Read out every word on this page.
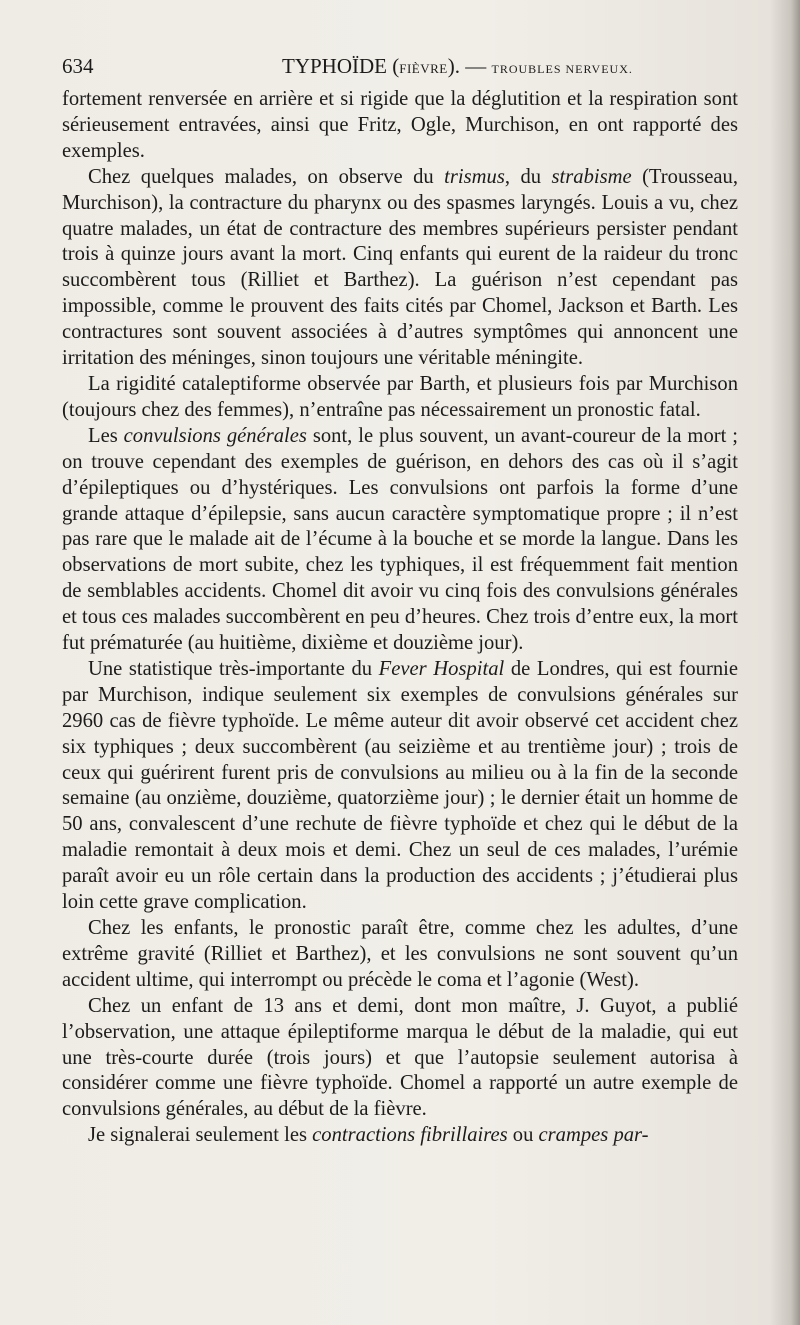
634	TYPHOÏDE (FIÈVRE). — TROUBLES NERVEUX.

fortement renversée en arrière et si rigide que la déglutition et la respiration sont sérieusement entravées, ainsi que Fritz, Ogle, Murchison, en ont rapporté des exemples.

Chez quelques malades, on observe du trismus, du strabisme (Trousseau, Murchison), la contracture du pharynx ou des spasmes laryngés. Louis a vu, chez quatre malades, un état de contracture des membres supérieurs persister pendant trois à quinze jours avant la mort. Cinq enfants qui eurent de la raideur du tronc succombèrent tous (Rilliet et Barthez). La guérison n’est cependant pas impossible, comme le prouvent des faits cités par Chomel, Jackson et Barth. Les contractures sont souvent associées à d’autres symptômes qui annoncent une irritation des méninges, sinon toujours une véritable méningite.

La rigidité cataleptiforme observée par Barth, et plusieurs fois par Murchison (toujours chez des femmes), n’entraîne pas nécessairement un pronostic fatal.

Les convulsions générales sont, le plus souvent, un avant-coureur de la mort ; on trouve cependant des exemples de guérison, en dehors des cas où il s’agit d’épileptiques ou d’hystériques. Les convulsions ont parfois la forme d’une grande attaque d’épilepsie, sans aucun caractère symptomatique propre ; il n’est pas rare que le malade ait de l’écume à la bouche et se morde la langue. Dans les observations de mort subite, chez les typhiques, il est fréquemment fait mention de semblables accidents. Chomel dit avoir vu cinq fois des convulsions générales et tous ces malades succombèrent en peu d’heures. Chez trois d’entre eux, la mort fut prématurée (au huitième, dixième et douzième jour).

Une statistique très-importante du Fever Hospital de Londres, qui est fournie par Murchison, indique seulement six exemples de convulsions générales sur 2960 cas de fièvre typhoïde. Le même auteur dit avoir observé cet accident chez six typhiques ; deux succombèrent (au seizième et au trentième jour) ; trois de ceux qui guérirent furent pris de convulsions au milieu ou à la fin de la seconde semaine (au onzième, douzième, quatorzième jour) ; le dernier était un homme de 50 ans, convalescent d’une rechute de fièvre typhoïde et chez qui le début de la maladie remontait à deux mois et demi. Chez un seul de ces malades, l’urémie paraît avoir eu un rôle certain dans la production des accidents ; j’étudierai plus loin cette grave complication.

Chez les enfants, le pronostic paraît être, comme chez les adultes, d’une extrême gravité (Rilliet et Barthez), et les convulsions ne sont souvent qu’un accident ultime, qui interrompt ou précède le coma et l’agonie (West).

Chez un enfant de 13 ans et demi, dont mon maître, J. Guyot, a publié l’observation, une attaque épileptiforme marqua le début de la maladie, qui eut une très-courte durée (trois jours) et que l’autopsie seulement autorisa à considérer comme une fièvre typhoïde. Chomel a rapporté un autre exemple de convulsions générales, au début de la fièvre.

Je signalerai seulement les contractions fibrillaires ou crampes par-
